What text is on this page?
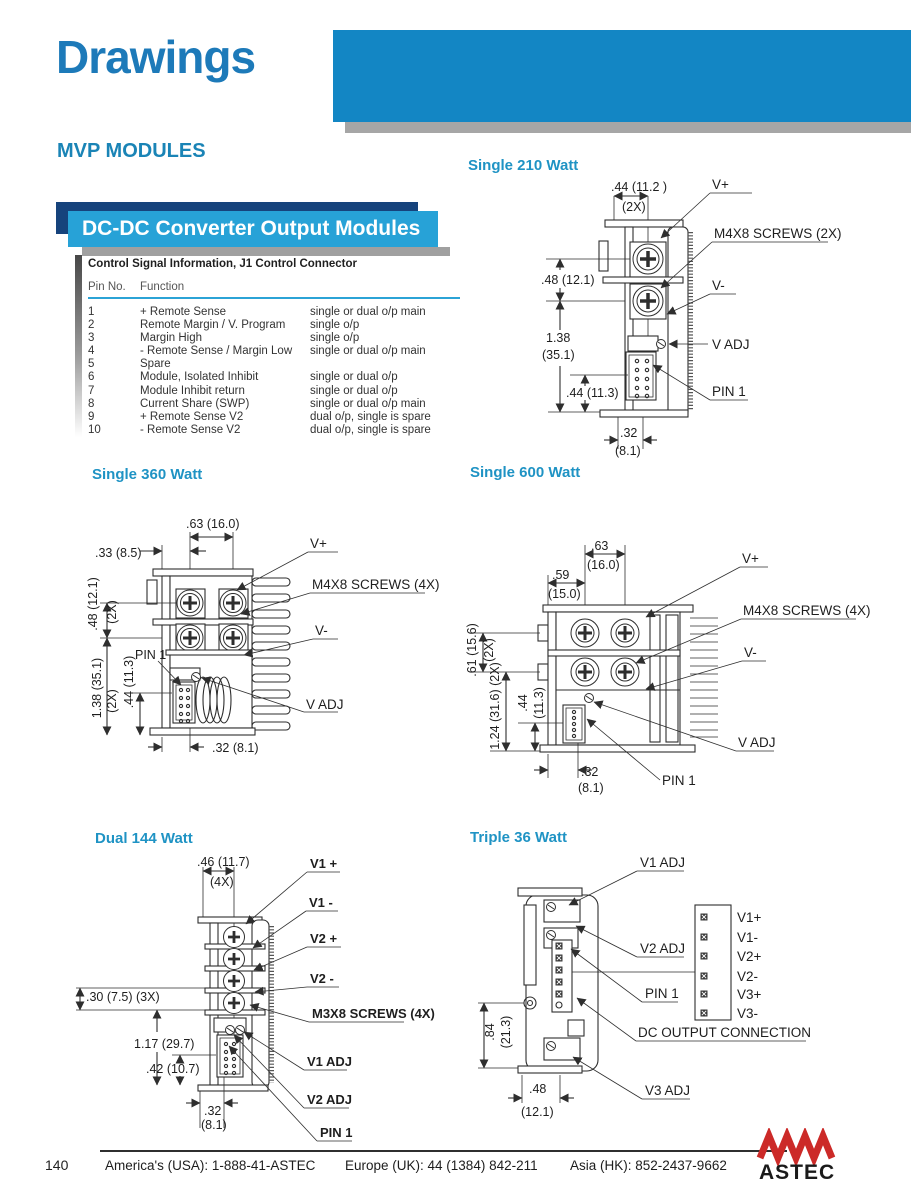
Drawings
MVP MODULES
DC-DC Converter Output Modules
Control Signal Information, J1 Control Connector
Pin No.	Function
1	+ Remote Sense	single or dual o/p main
2	Remote Margin / V. Program	single o/p
3	Margin High	single o/p
4	- Remote Sense / Margin Low	single or dual o/p main
5	Spare
6	Module, Isolated Inhibit	single or dual o/p
7	Module Inhibit return	single or dual o/p
8	Current Share (SWP)	single or dual o/p main
9	+ Remote Sense V2	dual o/p, single is spare
10	- Remote Sense V2	dual o/p, single is spare
Single 210 Watt
Single 360 Watt	Single 600 Watt
Dual 144 Watt	Triple 36 Watt
.44 (11.2 )
(2X)
.48 (12.1)
1.38
(35.1)
.44 (11.3)
.32
(8.1)
V+
M4X8 SCREWS (2X)
V-
V ADJ
PIN 1
.63 (16.0)
.33 (8.5)
PIN 1
.48 (12.1) (2X)
1.38 (35.1) (2X) .44 (11.3)
.32 (8.1)
V+
M4X8 SCREWS (4X)
V-
V ADJ
.63
(16.0)
.59
(15.0)
.61 (15.6) (2X)
1.24 (31.6) (2X) .44 (11.3)
.32
(8.1)
V+
M4X8 SCREWS (4X)
V-
V ADJ
PIN 1
.46 (11.7)
(4X)
.30 (7.5) (3X)
1.17 (29.7)
.42 (10.7)
.32
(8.1)
V1 +
V1 -
V2 +
V2 -
M3X8 SCREWS (4X)
V1 ADJ
V2 ADJ
PIN 1
V1 ADJ
V2 ADJ
PIN 1
DC OUTPUT CONNECTION
V3 ADJ
V1+
V1-
V2+
V2-
V3+
V3-
.84 (21.3)
.48
(12.1)
140	America's (USA): 1-888-41-ASTEC Europe (UK): 44 (1384) 842-211 Asia (HK): 852-2437-9662 ASTEC
